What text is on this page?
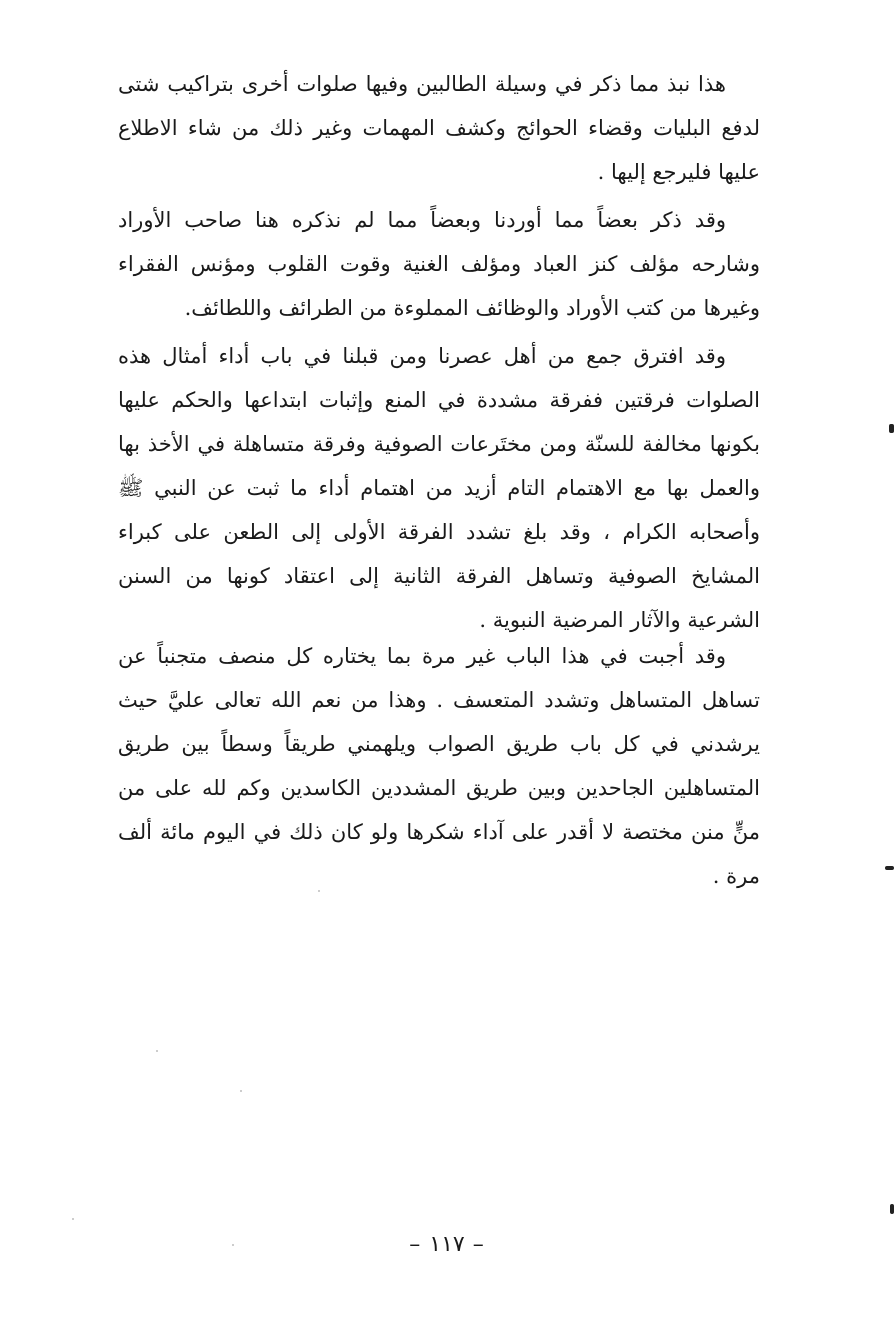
هذا نبذ مما ذكر في وسيلة الطالبين وفيها صلوات أخرى بتراكيب شتى لدفع البليات وقضاء الحوائج وكشف المهمات وغير ذلك من شاء الاطلاع عليها فليرجع إليها .

وقد ذكر بعضاً مما أوردنا وبعضاً مما لم نذكره هنا صاحب الأوراد وشارحه مؤلف كنز العباد ومؤلف الغنية وقوت القلوب ومؤنس الفقراء وغيرها من كتب الأوراد والوظائف المملوءة من الطرائف واللطائف.

وقد افترق جمع من أهل عصرنا ومن قبلنا في باب أداء أمثال هذه الصلوات فرقتين ففرقة مشددة في المنع وإثبات ابتداعها والحكم عليها بكونها مخالفة للسنّة ومن مختَرعات الصوفية وفرقة متساهلة في الأخذ بها والعمل بها مع الاهتمام التام أزيد من اهتمام أداء ما ثبت عن النبي ﷺ وأصحابه الكرام ، وقد بلغ تشدد الفرقة الأولى إلى الطعن على كبراء المشايخ الصوفية وتساهل الفرقة الثانية إلى اعتقاد كونها من السنن الشرعية والآثار المرضية النبوية .

وقد أجبت في هذا الباب غير مرة بما يختاره كل منصف متجنباً عن تساهل المتساهل وتشدد المتعسف . وهذا من نعم الله تعالى عليَّ حيث يرشدني في كل باب طريق الصواب ويلهمني طريقاً وسطاً بين طريق المتساهلين الجاحدين وبين طريق المشددين الكاسدين وكم لله على من منٍّ منن مختصة لا أقدر على آداء شكرها ولو كان ذلك في اليوم مائة ألف مرة .

–١١٧–
